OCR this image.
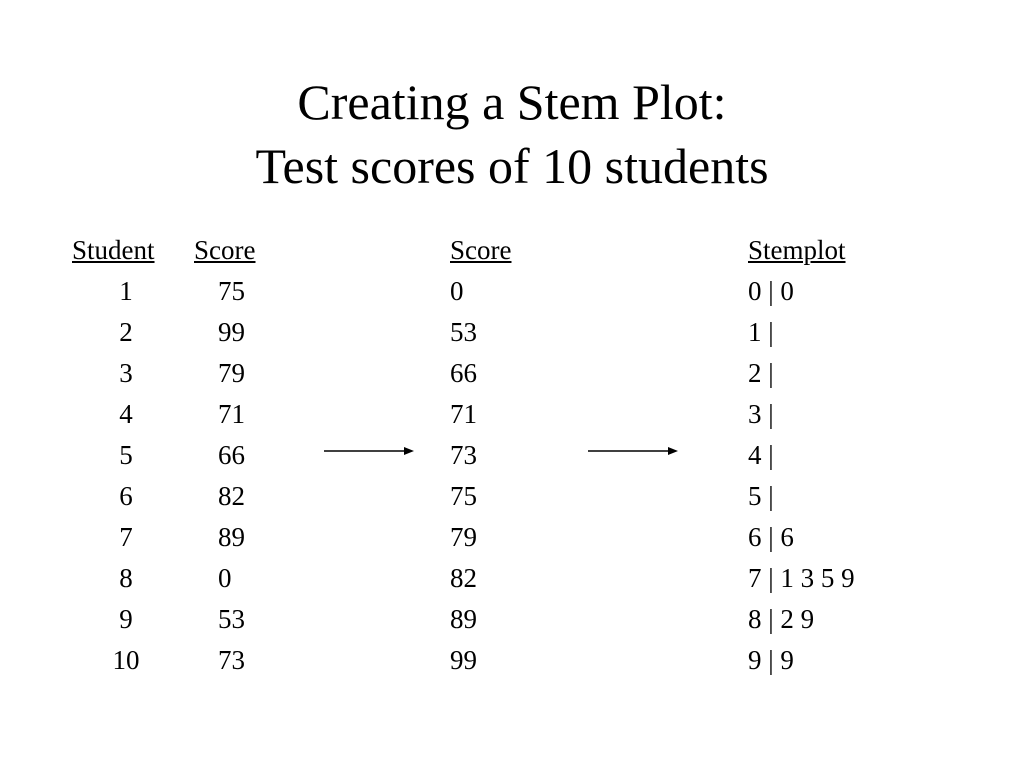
Creating a Stem Plot:
Test scores of 10 students
Student
1
2
3
4
5
6
7
8
9
10
Score
75
99
79
71
66
82
89
0
53
73
Score
0
53
66
71
73
75
79
82
89
99
Stemplot
0 | 0
1 |
2 |
3 |
4 |
5 |
6 | 6
7 | 1 3 5 9
8 | 2 9
9 | 9
